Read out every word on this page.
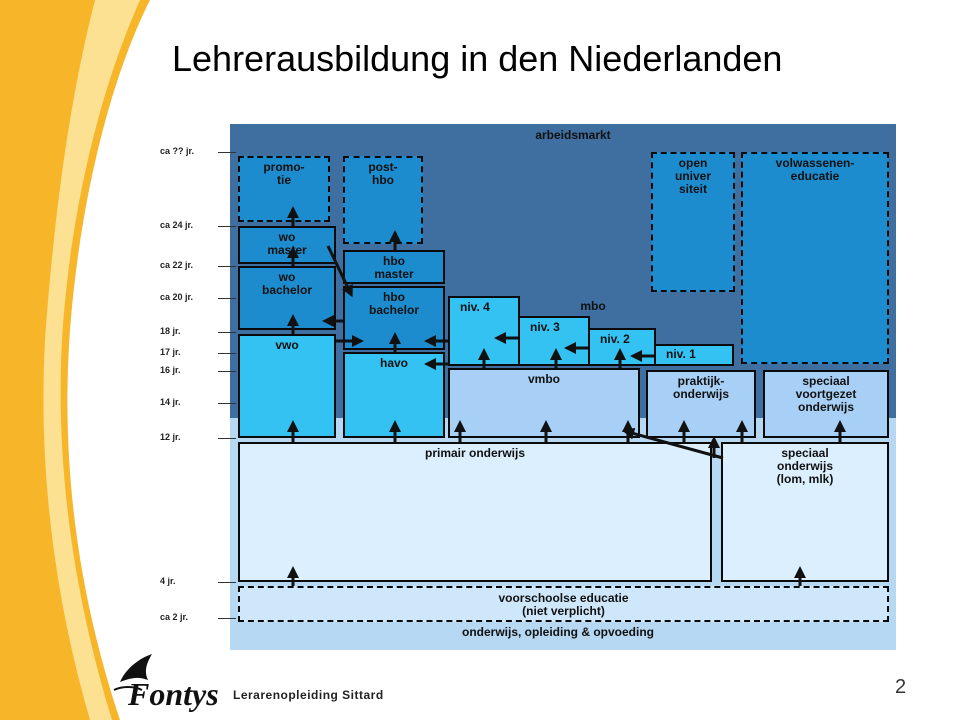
Lehrerausbildung in den Niederlanden
ca ?? jr.
ca 24 jr.
ca 22 jr.
ca 20 jr.
18 jr.
17 jr.
16 jr.
14 jr.
12 jr.
4 jr.
ca 2 jr.
arbeidsmarkt
promo-
tie
post-
hbo
open
univer
siteit
volwassenen-
educatie
wo
master
hbo
master
wo
bachelor	hbo
bachelor	mbo
niv. 4
niv. 3
niv. 2
niv. 1
vwo
havo
vmbo	praktijk-
onderwijs
speciaal
voortgezet
onderwijs
primair onderwijs	speciaal
onderwijs
(lom, mlk)
voorschoolse educatie
(niet verplicht)
onderwijs, opleiding & opvoeding
Fontys Lerarenopleiding Sittard	2
